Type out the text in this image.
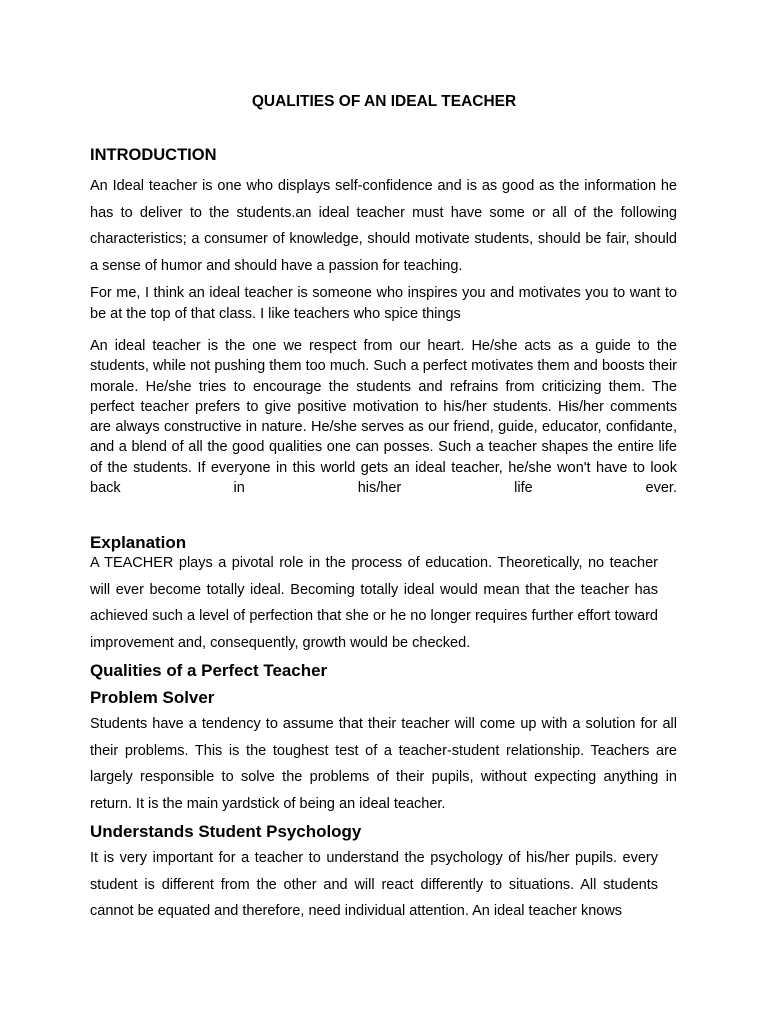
QUALITIES OF AN IDEAL TEACHER
INTRODUCTION

An Ideal teacher is one who displays self-confidence and is as good as the information he has to deliver to the students.an ideal teacher must have some or all of the following characteristics; a consumer of knowledge, should motivate students, should be fair, should a sense of humor and should have a passion for teaching.

For me, I think an ideal teacher is someone who inspires you and motivates you to want to be at the top of that class. I like teachers who spice things

An ideal teacher is the one we respect from our heart. He/she acts as a guide to the students, while not pushing them too much. Such a perfect motivates them and boosts their morale. He/she tries to encourage the students and refrains from criticizing them. The perfect teacher prefers to give positive motivation to his/her students. His/her comments are always constructive in nature. He/she serves as our friend, guide, educator, confidante, and a blend of all the good qualities one can posses. Such a teacher shapes the entire life of the students. If everyone in this world gets an ideal teacher, he/she won't have to look back in his/her life ever.

Explanation

A TEACHER plays a pivotal role in the process of education. Theoretically, no teacher will ever become totally ideal. Becoming totally ideal would mean that the teacher has achieved such a level of perfection that she or he no longer requires further effort toward improvement and, consequently, growth would be checked.

Qualities of a Perfect Teacher
Problem Solver

Students have a tendency to assume that their teacher will come up with a solution for all their problems. This is the toughest test of a teacher-student relationship. Teachers are largely responsible to solve the problems of their pupils, without expecting anything in return. It is the main yardstick of being an ideal teacher.

Understands Student Psychology

It is very important for a teacher to understand the psychology of his/her pupils. every student is different from the other and will react differently to situations. All students cannot be equated and therefore, need individual attention. An ideal teacher knows
